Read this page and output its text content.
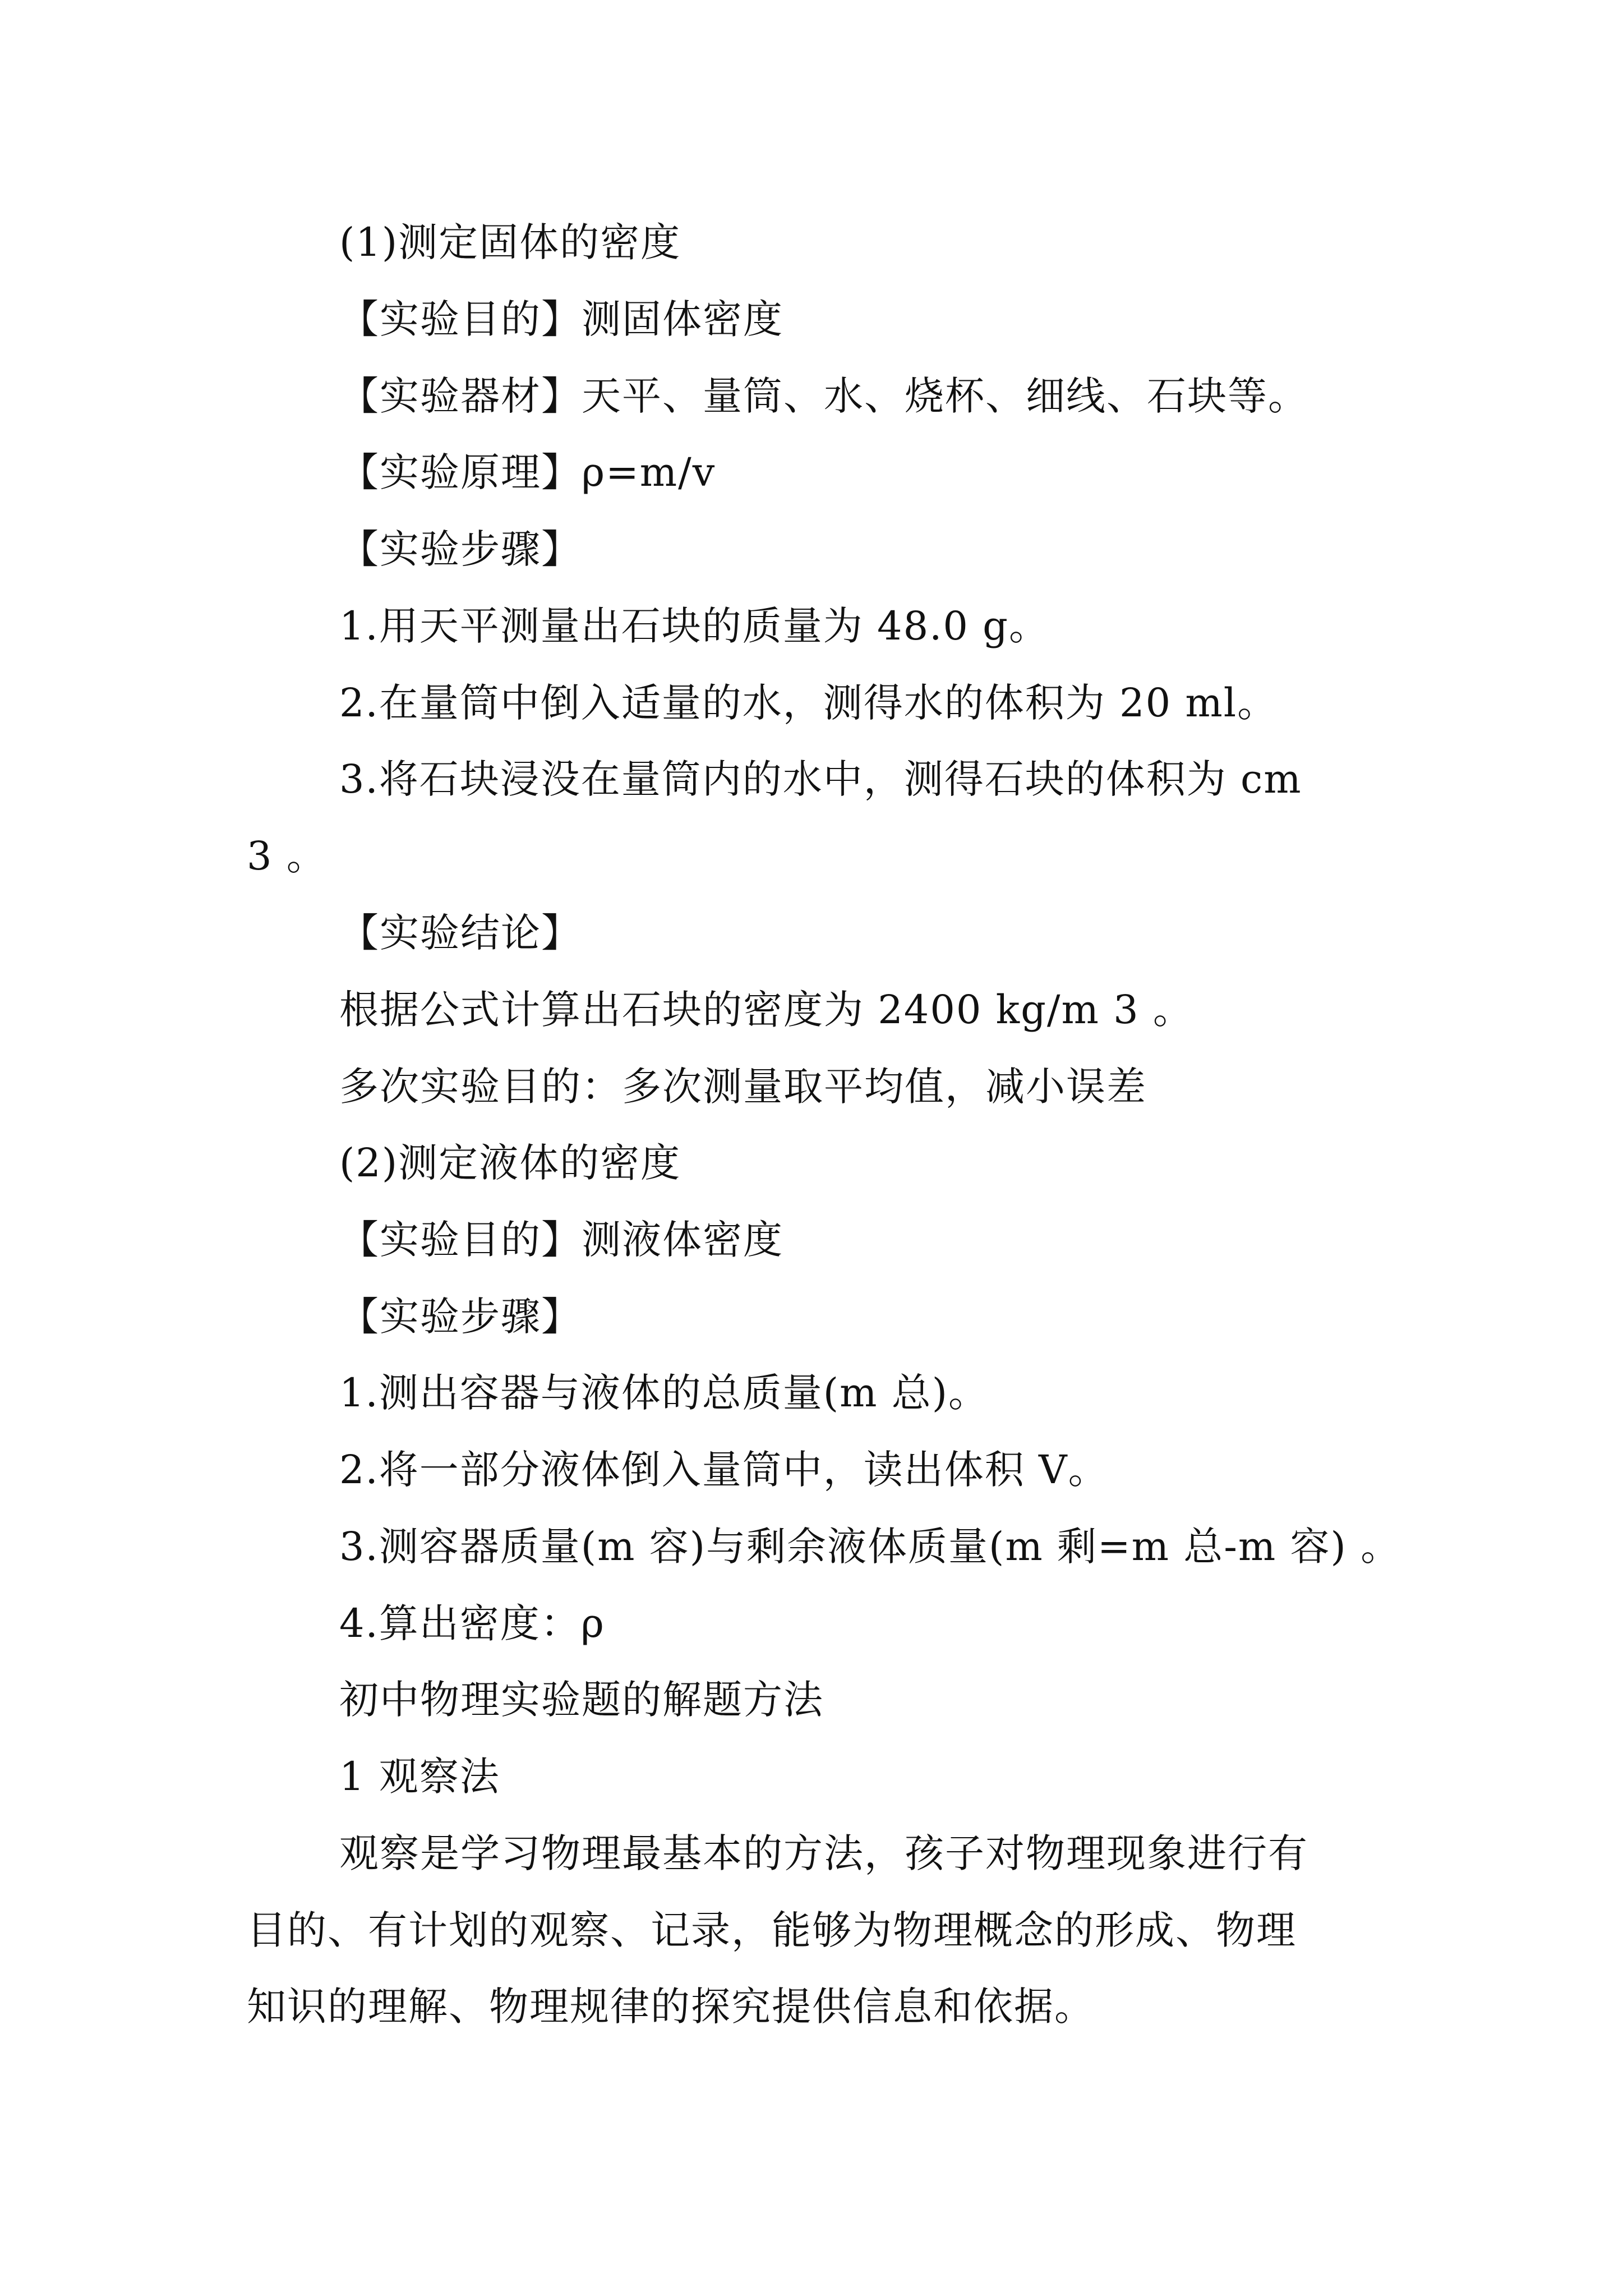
(1)测定固体的密度
【实验目的】测固体密度
【实验器材】天平、量筒、水、烧杯、细线、石块等。
【实验原理】ρ=m/v
【实验步骤】
1.用天平测量出石块的质量为 48.0 g。
2.在量筒中倒入适量的水，测得水的体积为 20 ml。
3.将石块浸没在量筒内的水中，测得石块的体积为 cm
3 。
【实验结论】
根据公式计算出石块的密度为 2400 kg/m 3 。
多次实验目的：多次测量取平均值，减小误差
(2)测定液体的密度
【实验目的】测液体密度
【实验步骤】
1.测出容器与液体的总质量(m 总)。
2.将一部分液体倒入量筒中，读出体积 V。
3.测容器质量(m 容)与剩余液体质量(m 剩=m 总-m 容) 。
4.算出密度：ρ
初中物理实验题的解题方法
1 观察法
观察是学习物理最基本的方法，孩子对物理现象进行有
目的、有计划的观察、记录，能够为物理概念的形成、物理
知识的理解、物理规律的探究提供信息和依据。
